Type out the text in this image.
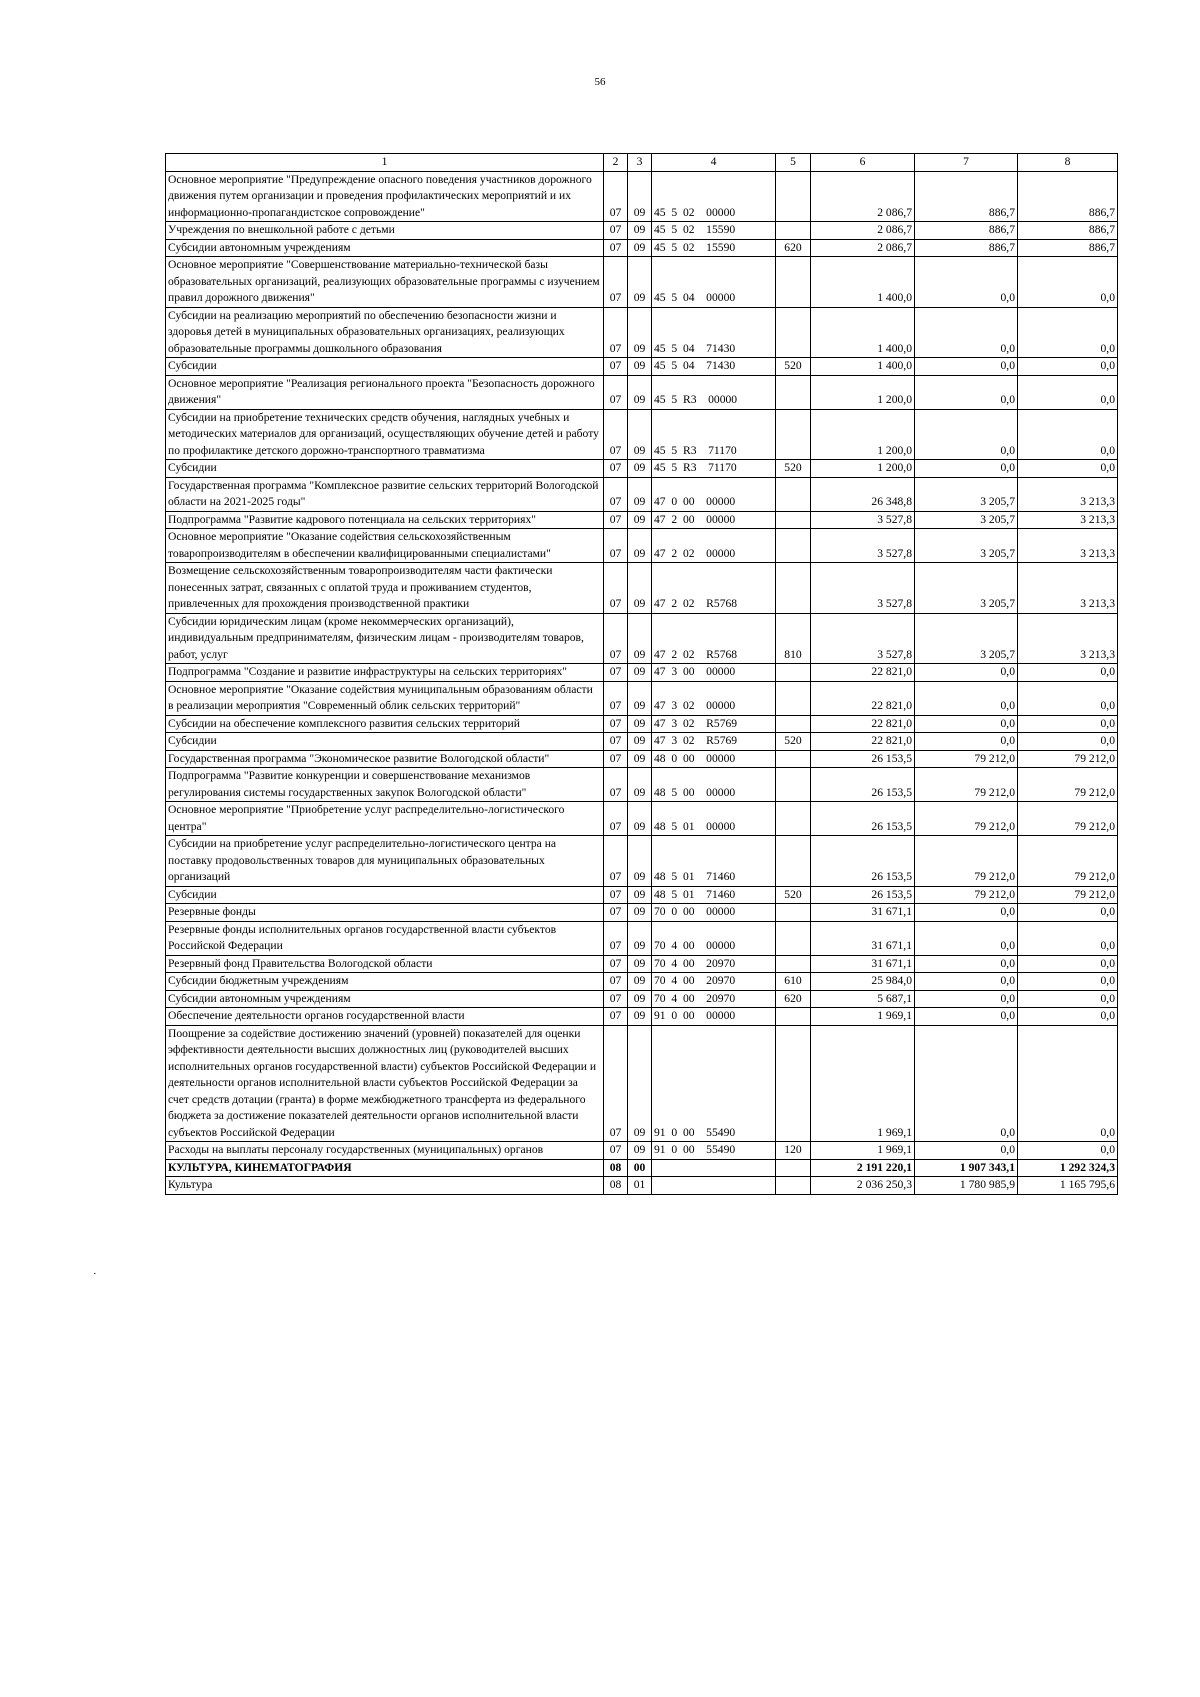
56
1	2	3	4	5	6	7	8
Основное мероприятие "Предупреждение опасного поведения участников дорожного движения путем организации и проведения профилактических мероприятий и их информационно-пропагандистское сопровождение"	07	09	45  5  02    00000		2 086,7	886,7	886,7
Учреждения по внешкольной работе с детьми	07	09	45  5  02    15590		2 086,7	886,7	886,7
Субсидии автономным учреждениям	07	09	45  5  02    15590	620	2 086,7	886,7	886,7
Основное мероприятие "Совершенствование материально-технической базы образовательных организаций, реализующих образовательные программы с изучением правил дорожного движения"	07	09	45  5  04    00000		1 400,0	0,0	0,0
Субсидии на реализацию мероприятий по обеспечению безопасности жизни и здоровья детей в муниципальных образовательных организациях, реализующих образовательные программы дошкольного образования	07	09	45  5  04    71430		1 400,0	0,0	0,0
Субсидии	07	09	45  5  04    71430	520	1 400,0	0,0	0,0
Основное мероприятие "Реализация регионального проекта "Безопасность дорожного движения"	07	09	45  5  R3    00000		1 200,0	0,0	0,0
Субсидии на приобретение технических средств обучения, наглядных учебных и методических материалов для организаций, осуществляющих обучение детей и работу по профилактике детского дорожно-транспортного травматизма	07	09	45  5  R3    71170		1 200,0	0,0	0,0
Субсидии	07	09	45  5  R3    71170	520	1 200,0	0,0	0,0
Государственная программа "Комплексное развитие сельских территорий Вологодской области на 2021-2025 годы"	07	09	47  0  00    00000		26 348,8	3 205,7	3 213,3
Подпрограмма "Развитие кадрового потенциала на сельских территориях"	07	09	47  2  00    00000		3 527,8	3 205,7	3 213,3
Основное мероприятие "Оказание содействия сельскохозяйственным товаропроизводителям в обеспечении квалифицированными специалистами"	07	09	47  2  02    00000		3 527,8	3 205,7	3 213,3
Возмещение сельскохозяйственным товаропроизводителям части фактически понесенных затрат, связанных с оплатой труда и проживанием студентов, привлеченных для прохождения производственной практики	07	09	47  2  02    R5768		3 527,8	3 205,7	3 213,3
Субсидии юридическим лицам (кроме некоммерческих организаций), индивидуальным предпринимателям, физическим лицам - производителям товаров, работ, услуг	07	09	47  2  02    R5768	810	3 527,8	3 205,7	3 213,3
Подпрограмма "Создание и развитие инфраструктуры на сельских территориях"	07	09	47  3  00    00000		22 821,0	0,0	0,0
Основное мероприятие "Оказание содействия муниципальным образованиям области в реализации мероприятия "Современный облик сельских территорий"	07	09	47  3  02    00000		22 821,0	0,0	0,0
Субсидии на обеспечение комплексного развития сельских территорий	07	09	47  3  02    R5769		22 821,0	0,0	0,0
Субсидии	07	09	47  3  02    R5769	520	22 821,0	0,0	0,0
Государственная программа "Экономическое развитие Вологодской области"	07	09	48  0  00    00000		26 153,5	79 212,0	79 212,0
Подпрограмма "Развитие конкуренции и совершенствование механизмов регулирования системы государственных закупок Вологодской области"	07	09	48  5  00    00000		26 153,5	79 212,0	79 212,0
Основное мероприятие "Приобретение услуг распределительно-логистического центра"	07	09	48  5  01    00000		26 153,5	79 212,0	79 212,0
Субсидии на приобретение услуг распределительно-логистического центра на поставку продовольственных товаров для муниципальных образовательных организаций	07	09	48  5  01    71460		26 153,5	79 212,0	79 212,0
Субсидии	07	09	48  5  01    71460	520	26 153,5	79 212,0	79 212,0
Резервные фонды	07	09	70  0  00    00000		31 671,1	0,0	0,0
Резервные фонды исполнительных органов государственной власти субъектов Российской Федерации	07	09	70  4  00    00000		31 671,1	0,0	0,0
Резервный фонд Правительства Вологодской области	07	09	70  4  00    20970		31 671,1	0,0	0,0
Субсидии бюджетным учреждениям	07	09	70  4  00    20970	610	25 984,0	0,0	0,0
Субсидии автономным учреждениям	07	09	70  4  00    20970	620	5 687,1	0,0	0,0
Обеспечение деятельности органов государственной власти	07	09	91  0  00    00000		1 969,1	0,0	0,0
Поощрение за содействие достижению значений (уровней) показателей для оценки эффективности деятельности высших должностных лиц (руководителей высших исполнительных органов государственной власти) субъектов Российской Федерации и деятельности органов исполнительной власти субъектов Российской Федерации за счет средств дотации (гранта) в форме межбюджетного трансферта из федерального бюджета за достижение показателей деятельности органов исполнительной власти субъектов Российской Федерации	07	09	91  0  00    55490		1 969,1	0,0	0,0
Расходы на выплаты персоналу государственных (муниципальных) органов	07	09	91  0  00    55490	120	1 969,1	0,0	0,0
КУЛЬТУРА, КИНЕМАТОГРАФИЯ	08	00			2 191 220,1	1 907 343,1	1 292 324,3
Культура	08	01			2 036 250,3	1 780 985,9	1 165 795,6
·
